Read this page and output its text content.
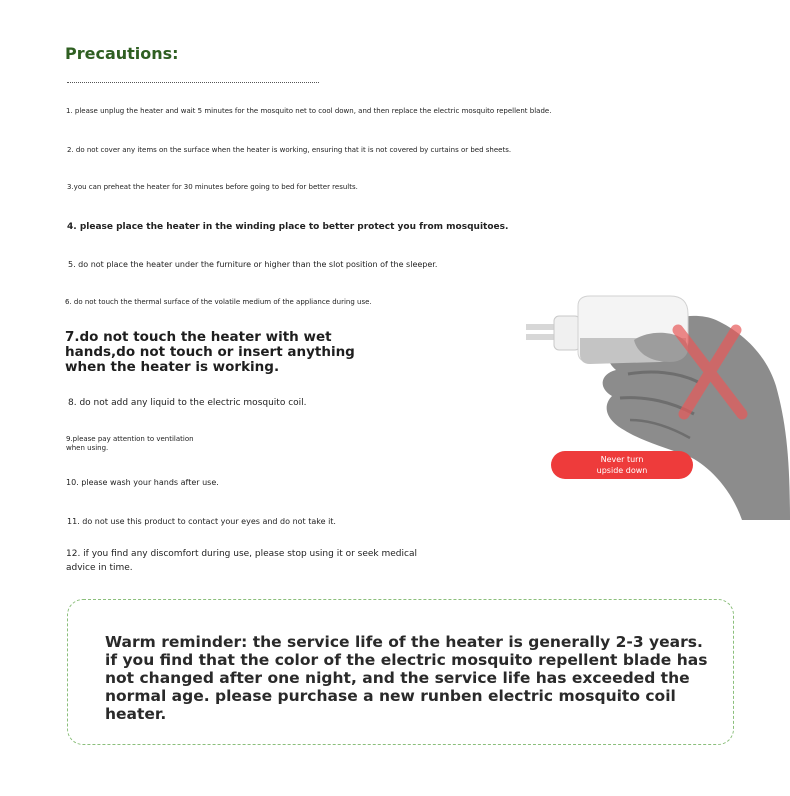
Precautions:

1. please unplug the heater and wait 5 minutes for the mosquito net to cool down, and then replace the electric mosquito repellent blade.

2. do not cover any items on the surface when the heater is working, ensuring that it is not covered by curtains or bed sheets.

3.you can preheat the heater for 30 minutes before going to bed for better results.

4. please place the heater in the winding place to better protect you from mosquitoes.

5. do not place the heater under the furniture or higher than the slot position of the sleeper.

6. do not touch the thermal surface of the volatile medium of the appliance during use.

7.do not touch the heater with wet hands,do not touch or insert anything when the heater is working.

8. do not add any liquid to the electric mosquito coil.

9.please pay attention to ventilation when using.

10. please wash your hands after use.

11. do not use this product to contact your eyes and do not take it.

12. if you find any discomfort during use, please stop using it or seek medical advice in time.

Never turn
upside down

Warm reminder: the service life of the heater is generally 2-3 years. if you find that the color of the electric mosquito repellent blade has not changed after one night, and the service life has exceeded the normal age. please purchase a new runben electric mosquito coil heater.
